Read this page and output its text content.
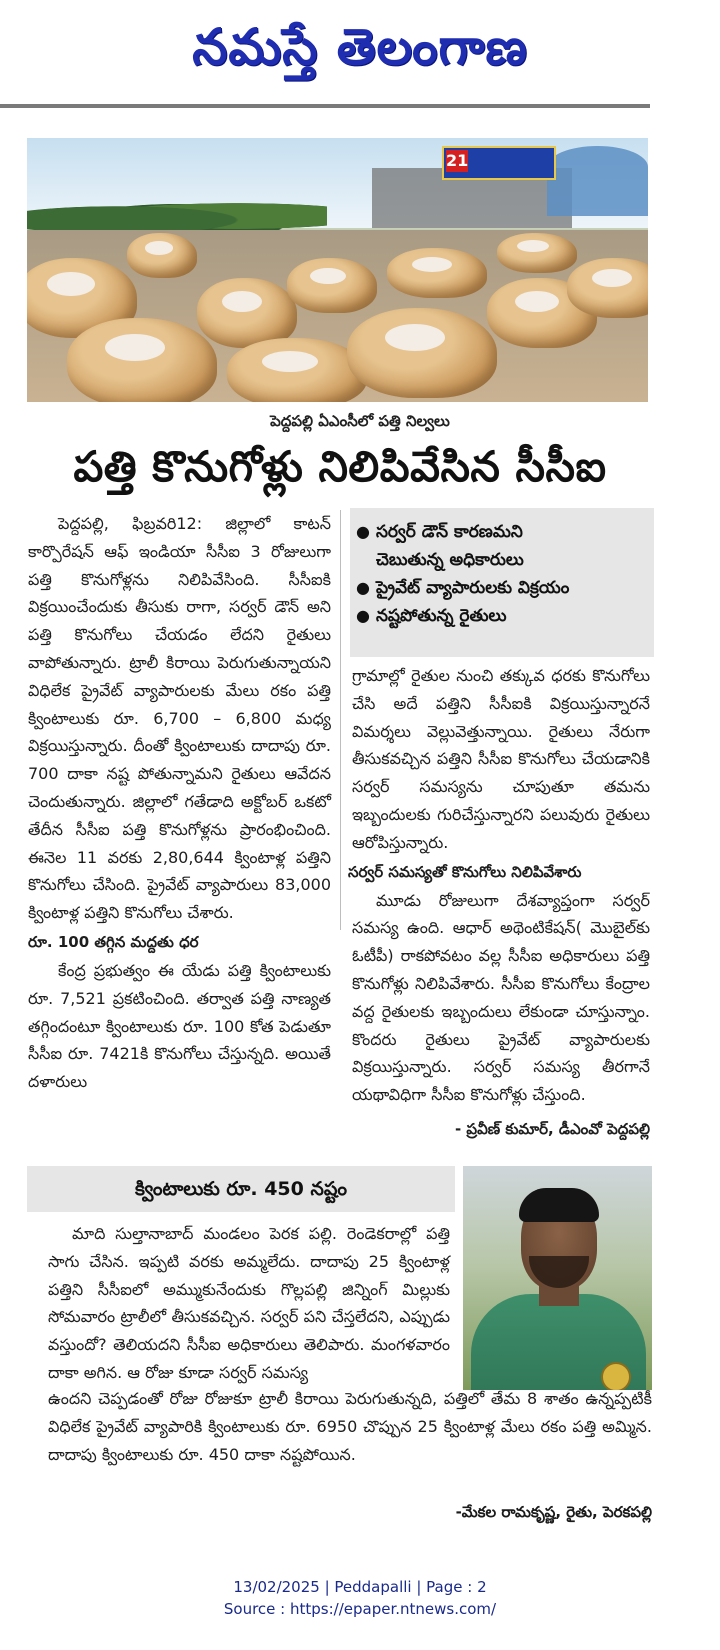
నమస్తే తెలంగాణ
21
పెద్దపల్లి ఏఎంసీలో పత్తి నిల్వలు
పత్తి కొనుగోళ్లు నిలిపివేసిన సీసీఐ

పెద్దపల్లి, ఫిబ్రవరి12: జిల్లాలో కాటన్ కార్పొరేషన్ ఆఫ్ ఇండియా సీసీఐ 3 రోజులుగా పత్తి కొనుగోళ్లను నిలిపివేసింది. సీసీఐకి విక్రయించేందుకు తీసుకు రాగా, సర్వర్ డౌన్ అని పత్తి కొనుగోలు చేయడం లేదని రైతులు వాపోతున్నారు. ట్రాలీ కిరాయి పెరుగుతున్నాయని విధిలేక ప్రైవేట్ వ్యాపారులకు మేలు రకం పత్తి క్వింటాలుకు రూ. 6,700 – 6,800 మధ్య విక్రయిస్తున్నారు. దీంతో క్వింటాలుకు దాదాపు రూ. 700 దాకా నష్ట పోతున్నామని రైతులు ఆవేదన చెందుతున్నారు. జిల్లాలో గతేడాది అక్టోబర్ ఒకటో తేదీన సీసీఐ పత్తి కొనుగోళ్లను ప్రారంభించింది. ఈనెల 11 వరకు 2,80,644 క్వింటాళ్ల పత్తిని కొనుగోలు చేసింది. ప్రైవేట్ వ్యాపారులు 83,000 క్వింటాళ్ల పత్తిని కొనుగోలు చేశారు.

రూ. 100 తగ్గిన మద్దతు ధర

కేంద్ర ప్రభుత్వం ఈ యేడు పత్తి క్వింటాలుకు రూ. 7,521 ప్రకటించింది. తర్వాత పత్తి నాణ్యత తగ్గిందంటూ క్వింటాలుకు రూ. 100 కోత పెడుతూ సీసీఐ రూ. 7421కి కొనుగోలు చేస్తున్నది. అయితే దళారులు

● సర్వర్ డౌన్ కారణమని
చెబుతున్న అధికారులు
● ప్రైవేట్ వ్యాపారులకు విక్రయం
● నష్టపోతున్న రైతులు

గ్రామాల్లో రైతుల నుంచి తక్కువ ధరకు కొనుగోలు చేసి అదే పత్తిని సీసీఐకి విక్రయిస్తున్నారనే విమర్శలు వెల్లువెత్తున్నాయి. రైతులు నేరుగా తీసుకవచ్చిన పత్తిని సీసీఐ కొనుగోలు చేయడానికి సర్వర్ సమస్యను చూపుతూ తమను ఇబ్బందులకు గురిచేస్తున్నారని పలువురు రైతులు ఆరోపిస్తున్నారు.

సర్వర్ సమస్యతో కొనుగోలు నిలిపివేశారు

మూడు రోజులుగా దేశవ్యాప్తంగా సర్వర్ సమస్య ఉంది. ఆధార్ అథెంటికేషన్( మొబైల్‌కు ఓటీపీ) రాకపోవటం వల్ల సీసీఐ అధికారులు పత్తి కొనుగోళ్లు నిలిపివేశారు. సీసీఐ కొనుగోలు కేంద్రాల వద్ద రైతులకు ఇబ్బందులు లేకుండా చూస్తున్నాం. కొందరు రైతులు ప్రైవేట్ వ్యాపారులకు విక్రయిస్తున్నారు. సర్వర్ సమస్య తీరగానే యథావిధిగా సీసీఐ కొనుగోళ్లు చేస్తుంది.

- ప్రవీణ్ కుమార్, డీఎంవో పెద్దపల్లి
క్వింటాలుకు రూ. 450 నష్టం

మాది సుల్తానాబాద్ మండలం పెరక పల్లి. రెండెకరాల్లో పత్తి సాగు చేసిన. ఇప్పటి వరకు అమ్మలేదు. దాదాపు 25 క్వింటాళ్ల పత్తిని సీసీఐలో అమ్ముకునేందుకు గొల్లపల్లి జిన్నింగ్ మిల్లుకు సోమవారం ట్రాలీలో తీసుకవచ్చిన. సర్వర్ పని చేస్తలేదని, ఎప్పుడు వస్తుందో? తెలియదని సీసీఐ అధికారులు తెలిపారు. మంగళవారం దాకా అగిన. ఆ రోజు కూడా సర్వర్ సమస్య

ఉందని చెప్పడంతో రోజు రోజుకూ ట్రాలీ కిరాయి పెరుగుతున్నది, పత్తిలో తేమ 8 శాతం ఉన్నప్పటికీ విధిలేక ప్రైవేట్ వ్యాపారికి క్వింటాలుకు రూ. 6950 చొప్పున 25 క్వింటాళ్ల మేలు రకం పత్తి అమ్మిన. దాదాపు క్వింటాలుకు రూ. 450 దాకా నష్టపోయిన.

-మేకల రామకృష్ణ, రైతు, పెరకపల్లి
13/02/2025 | Peddapalli | Page : 2
Source : https://epaper.ntnews.com/
